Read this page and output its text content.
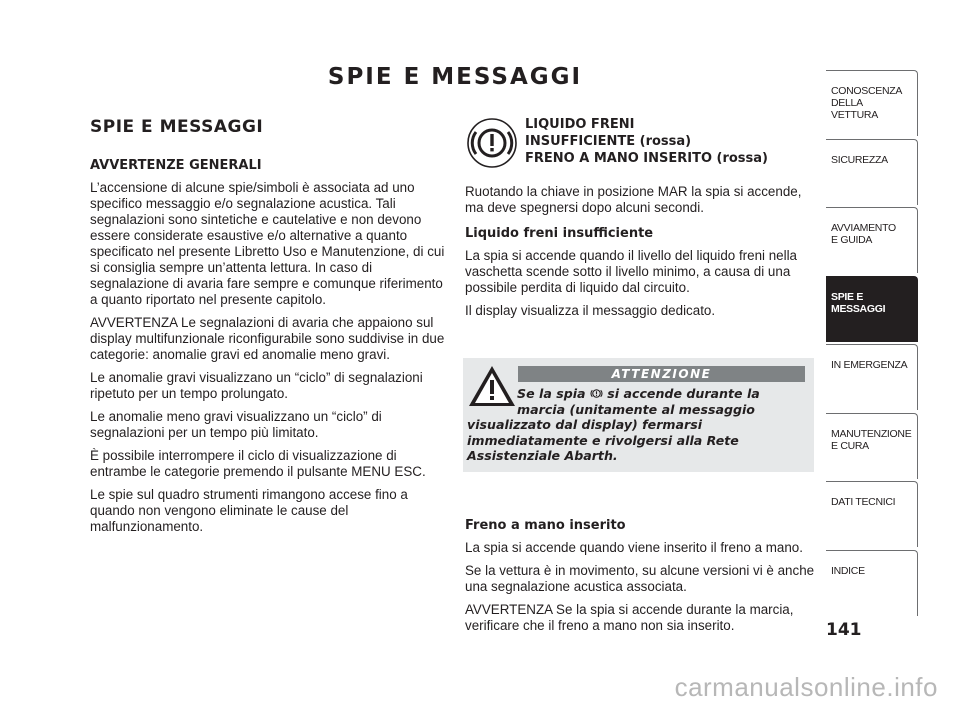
SPIE E MESSAGGI
SPIE E MESSAGGI
AVVERTENZE GENERALI

L’accensione di alcune spie/simboli è associata ad uno specifico messaggio e/o segnalazione acustica. Tali segnalazioni sono sintetiche e cautelative e non devono essere considerate esaustive e/o alternative a quanto specificato nel presente Libretto Uso e Manutenzione, di cui si consiglia sempre un’attenta lettura. In caso di segnalazione di avaria fare sempre e comunque riferimento a quanto riportato nel presente capitolo.

AVVERTENZA Le segnalazioni di avaria che appaiono sul display multifunzionale riconfigurabile sono suddivise in due categorie: anomalie gravi ed anomalie meno gravi.

Le anomalie gravi visualizzano un “ciclo” di segnalazioni ripetuto per un tempo prolungato.

Le anomalie meno gravi visualizzano un “ciclo” di segnalazioni per un tempo più limitato.

È possibile interrompere il ciclo di visualizzazione di entrambe le categorie premendo il pulsante MENU ESC.

Le spie sul quadro strumenti rimangono accese fino a quando non vengono eliminate le cause del malfunzionamento.

LIQUIDO FRENI
INSUFFICIENTE (rossa)
FRENO A MANO INSERITO (rossa)

Ruotando la chiave in posizione MAR la spia si accende, ma deve spegnersi dopo alcuni secondi.

Liquido freni insufficiente

La spia si accende quando il livello del liquido freni nella vaschetta scende sotto il livello minimo, a causa di una possibile perdita di liquido dal circuito.

Il display visualizza il messaggio dedicato.

ATTENZIONE
Se la spia  si accende durante la marcia (unitamente al messaggio visualizzato dal display) fermarsi immediatamente e rivolgersi alla Rete Assistenziale Abarth.
Freno a mano inserito

La spia si accende quando viene inserito il freno a mano.

Se la vettura è in movimento, su alcune versioni vi è anche una segnalazione acustica associata.

AVVERTENZA Se la spia si accende durante la marcia, verificare che il freno a mano non sia inserito.

CONOSCENZA
DELLA
VETTURA
SICUREZZA
AVVIAMENTO
E GUIDA
SPIE E
MESSAGGI
IN EMERGENZA
MANUTENZIONE
E CURA
DATI TECNICI
INDICE
141
carmanualsonline.info
